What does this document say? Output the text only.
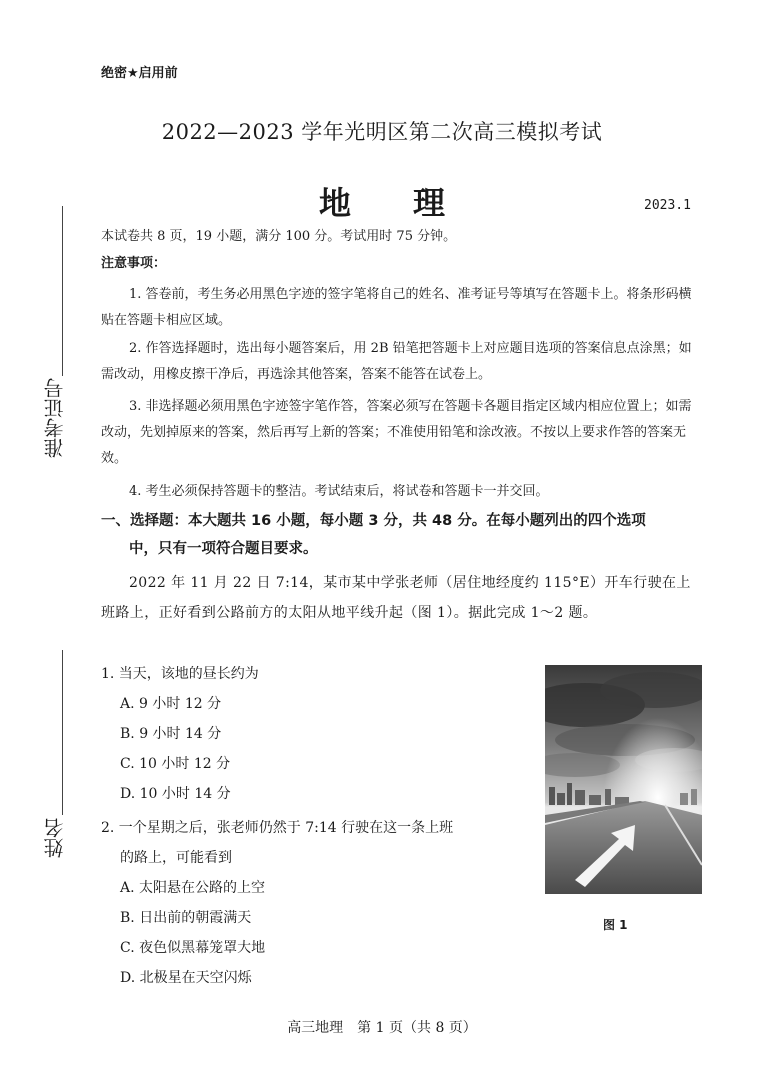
绝密★启用前
2022—2023 学年光明区第二次高三模拟考试
地理	2023.1
准考证号
姓名
本试卷共 8 页，19 小题，满分 100 分。考试用时 75 分钟。
注意事项：
1. 答卷前，考生务必用黑色字迹的签字笔将自己的姓名、准考证号等填写在答题卡上。将条形码横贴在答题卡相应区域。
2. 作答选择题时，选出每小题答案后，用 2B 铅笔把答题卡上对应题目选项的答案信息点涂黑；如需改动，用橡皮擦干净后，再选涂其他答案，答案不能答在试卷上。
3. 非选择题必须用黑色字迹签字笔作答，答案必须写在答题卡各题目指定区域内相应位置上；如需改动，先划掉原来的答案，然后再写上新的答案；不准使用铅笔和涂改液。不按以上要求作答的答案无效。
4. 考生必须保持答题卡的整洁。考试结束后，将试卷和答题卡一并交回。
一、选择题：本大题共 16 小题，每小题 3 分，共 48 分。在每小题列出的四个选项
中，只有一项符合题目要求。
2022 年 11 月 22 日 7:14，某市某中学张老师（居住地经度约 115°E）开车行驶在上班路上，正好看到公路前方的太阳从地平线升起（图 1）。据此完成 1～2 题。
1. 当天，该地的昼长约为
A. 9 小时 12 分
B. 9 小时 14 分
C. 10 小时 12 分
D. 10 小时 14 分
2. 一个星期之后，张老师仍然于 7:14 行驶在这一条上班
的路上，可能看到
A. 太阳悬在公路的上空
B. 日出前的朝霞满天
C. 夜色似黑幕笼罩大地
D. 北极星在天空闪烁
图 1
高三地理　第 1 页（共 8 页）
